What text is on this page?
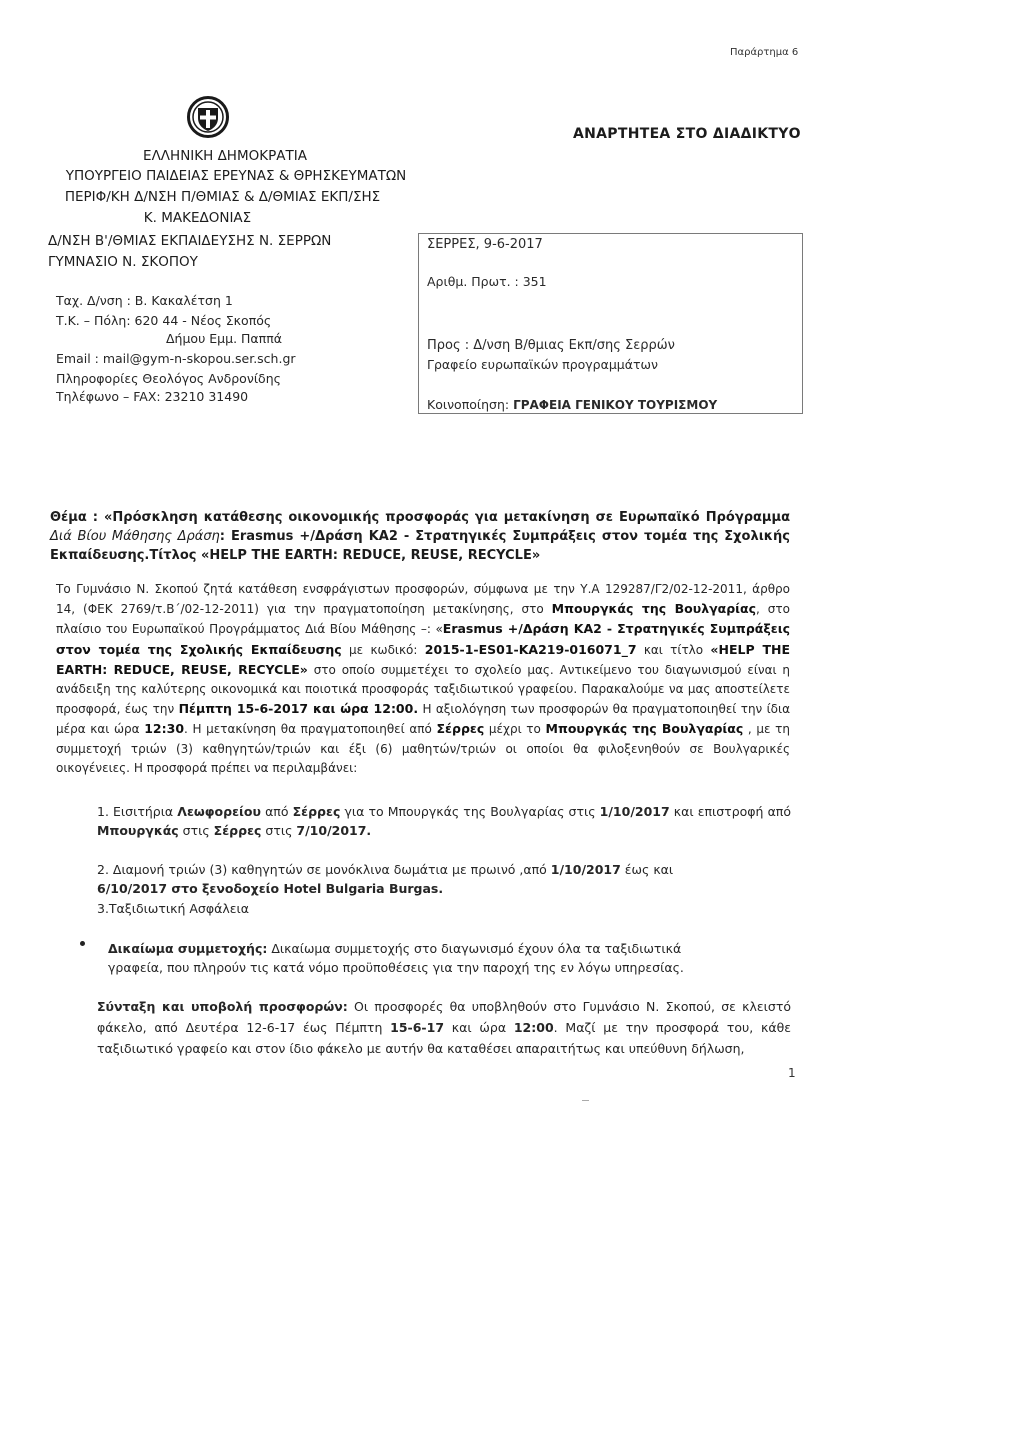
Παράρτημα 6
ΑΝΑΡΤΗΤΕΑ ΣΤΟ ΔΙΑΔΙΚΤΥΟ
ΕΛΛΗΝΙΚΗ ΔΗΜΟΚΡΑΤΙΑ
ΥΠΟΥΡΓΕΙΟ ΠΑΙΔΕΙΑΣ ΕΡΕΥΝΑΣ & ΘΡΗΣΚΕΥΜΑΤΩΝ
ΠΕΡΙΦ/ΚΗ Δ/ΝΣΗ Π/ΘΜΙΑΣ & Δ/ΘΜΙΑΣ ΕΚΠ/ΣΗΣ
Κ. ΜΑΚΕΔΟΝΙΑΣ
Δ/ΝΣΗ Β'/ΘΜΙΑΣ ΕΚΠΑΙΔΕΥΣΗΣ Ν. ΣΕΡΡΩΝ
ΓΥΜΝΑΣΙΟ Ν. ΣΚΟΠΟΥ
Ταχ. Δ/νση : Β. Κακαλέτση 1
Τ.Κ. – Πόλη: 620 44 - Νέος Σκοπός
Δήμου Εμμ. Παππά
Email : mail@gym-n-skopou.ser.sch.gr
Πληροφορίες Θεολόγος Ανδρονίδης
Τηλέφωνο – FAX: 23210 31490
ΣΕΡΡΕΣ, 9-6-2017
Αριθμ. Πρωτ. : 351
Προς : Δ/νση Β/θμιας Εκπ/σης Σερρών
Γραφείο ευρωπαϊκών προγραμμάτων
Κοινοποίηση: ΓΡΑΦΕΙΑ ΓΕΝΙΚΟΥ ΤΟΥΡΙΣΜΟΥ
Θέμα : «Πρόσκληση κατάθεσης οικονομικής προσφοράς για μετακίνηση σε Ευρωπαϊκό Πρόγραμμα Διά Βίου Μάθησης Δράση: Erasmus +/Δράση ΚΑ2 - Στρατηγικές Συμπράξεις στον τομέα της Σχολικής Εκπαίδευσης.Τίτλος «HELP THE EARTH: REDUCE, REUSE, RECYCLE»
Το Γυμνάσιο Ν. Σκοπού ζητά κατάθεση ενσφράγιστων προσφορών, σύμφωνα με την Υ.Α 129287/Γ2/02-12-2011, άρθρο 14, (ΦΕΚ 2769/τ.Β΄/02-12-2011) για την πραγματοποίηση μετακίνησης, στο Μπουργκάς της Βουλγαρίας, στο πλαίσιο του Ευρωπαϊκού Προγράμματος Διά Βίου Μάθησης –: «Erasmus +/Δράση ΚΑ2 - Στρατηγικές Συμπράξεις στον τομέα της Σχολικής Εκπαίδευσης με κωδικό: 2015-1-ES01-KA219-016071_7 και τίτλο «HELP THE EARTH: REDUCE, REUSE, RECYCLE» στο οποίο συμμετέχει το σχολείο μας. Αντικείμενο του διαγωνισμού είναι η ανάδειξη της καλύτερης οικονομικά και ποιοτικά προσφοράς ταξιδιωτικού γραφείου. Παρακαλούμε να μας αποστείλετε προσφορά, έως την Πέμπτη 15-6-2017 και ώρα 12:00. Η αξιολόγηση των προσφορών θα πραγματοποιηθεί την ίδια μέρα και ώρα 12:30. Η μετακίνηση θα πραγματοποιηθεί από Σέρρες μέχρι το Μπουργκάς της Βουλγαρίας , με τη συμμετοχή τριών (3) καθηγητών/τριών και έξι (6) μαθητών/τριών οι οποίοι θα φιλοξενηθούν σε Βουλγαρικές οικογένειες. Η προσφορά πρέπει να περιλαμβάνει:
1. Εισιτήρια Λεωφορείου από Σέρρες για το Μπουργκάς της Βουλγαρίας στις 1/10/2017 και επιστροφή από Μπουργκάς στις Σέρρες στις 7/10/2017.
2. Διαμονή τριών (3) καθηγητών σε μονόκλινα δωμάτια με πρωινό ,από 1/10/2017 έως και 6/10/2017 στο ξενοδοχείο Hotel Bulgaria Burgas.
3.Ταξιδιωτική Ασφάλεια
Δικαίωμα συμμετοχής: Δικαίωμα συμμετοχής στο διαγωνισμό έχουν όλα τα ταξιδιωτικά γραφεία, που πληρούν τις κατά νόμο προϋποθέσεις για την παροχή της εν λόγω υπηρεσίας.
Σύνταξη και υποβολή προσφορών: Οι προσφορές θα υποβληθούν στο Γυμνάσιο Ν. Σκοπού, σε κλειστό φάκελο, από Δευτέρα 12-6-17 έως Πέμπτη 15-6-17 και ώρα 12:00. Μαζί με την προσφορά του, κάθε ταξιδιωτικό γραφείο και στον ίδιο φάκελο με αυτήν θα καταθέσει απαραιτήτως και υπεύθυνη δήλωση,
1
